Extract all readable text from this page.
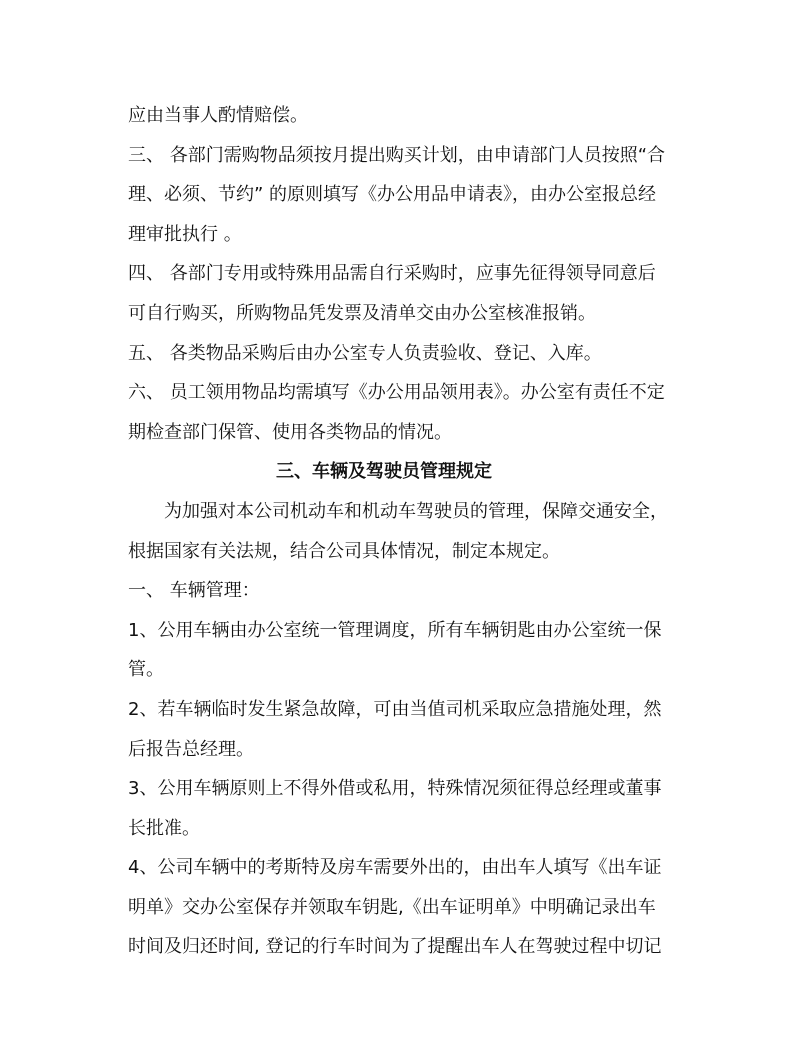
应由当事人酌情赔偿。
三、 各部门需购物品须按月提出购买计划，由申请部门人员按照“合
理、必须、节约” 的原则填写《办公用品申请表》，由办公室报总经
理审批执行 。
四、 各部门专用或特殊用品需自行采购时，应事先征得领导同意后
可自行购买，所购物品凭发票及清单交由办公室核准报销。
五、 各类物品采购后由办公室专人负责验收、登记、入库。
六、 员工领用物品均需填写《办公用品领用表》。办公室有责任不定
期检查部门保管、使用各类物品的情况。
三、车辆及驾驶员管理规定
为加强对本公司机动车和机动车驾驶员的管理，保障交通安全，
根据国家有关法规，结合公司具体情况，制定本规定。
一、 车辆管理：
1、公用车辆由办公室统一管理调度，所有车辆钥匙由办公室统一保
管。
2、若车辆临时发生紧急故障，可由当值司机采取应急措施处理，然
后报告总经理。
3、公用车辆原则上不得外借或私用，特殊情况须征得总经理或董事
长批准。
4、公司车辆中的考斯特及房车需要外出的，由出车人填写《出车证
明单》交办公室保存并领取车钥匙,《出车证明单》中明确记录出车
时间及归还时间, 登记的行车时间为了提醒出车人在驾驶过程中切记
